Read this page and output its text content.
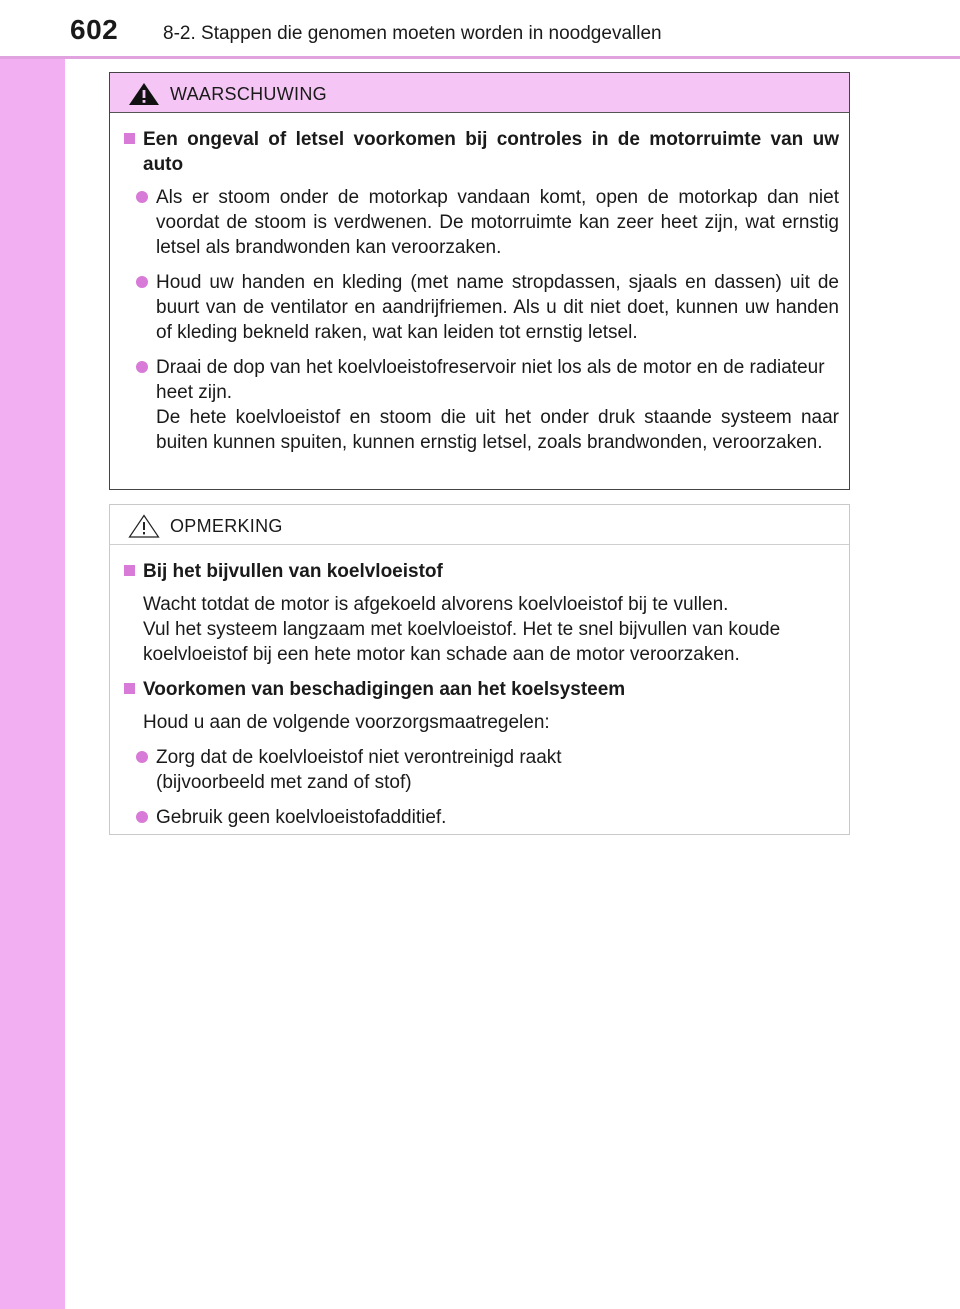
602 8-2. Stappen die genomen moeten worden in noodgevallen
WAARSCHUWING
Een ongeval of letsel voorkomen bij controles in de motorruimte van uw auto
Als er stoom onder de motorkap vandaan komt, open de motorkap dan niet voordat de stoom is verdwenen. De motorruimte kan zeer heet zijn, wat ernstig letsel als brandwonden kan veroorzaken.
Houd uw handen en kleding (met name stropdassen, sjaals en dassen) uit de buurt van de ventilator en aandrijfriemen. Als u dit niet doet, kunnen uw handen of kleding bekneld raken, wat kan leiden tot ernstig letsel.
Draai de dop van het koelvloeistofreservoir niet los als de motor en de radiateur heet zijn.
De hete koelvloeistof en stoom die uit het onder druk staande systeem naar buiten kunnen spuiten, kunnen ernstig letsel, zoals brandwonden, veroorzaken.
OPMERKING
Bij het bijvullen van koelvloeistof
Wacht totdat de motor is afgekoeld alvorens koelvloeistof bij te vullen.
Vul het systeem langzaam met koelvloeistof. Het te snel bijvullen van koude koelvloeistof bij een hete motor kan schade aan de motor veroorzaken.
Voorkomen van beschadigingen aan het koelsysteem
Houd u aan de volgende voorzorgsmaatregelen:
Zorg dat de koelvloeistof niet verontreinigd raakt
(bijvoorbeeld met zand of stof)
Gebruik geen koelvloeistofadditief.
